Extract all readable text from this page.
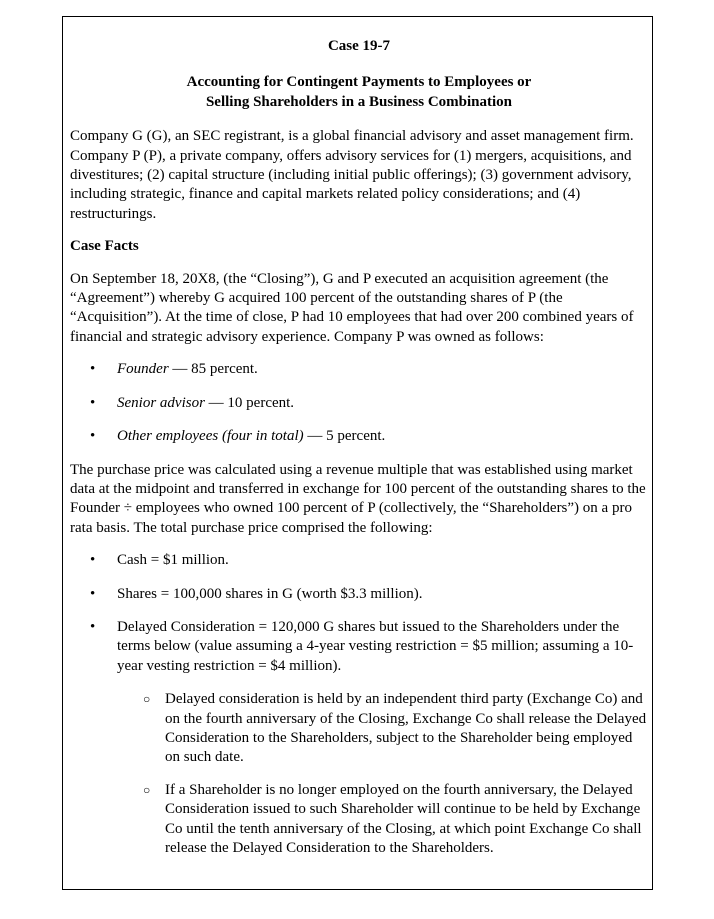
Case 19-7
Accounting for Contingent Payments to Employees or
Selling Shareholders in a Business Combination

Company G (G), an SEC registrant, is a global financial advisory and asset management firm. Company P (P), a private company, offers advisory services for (1) mergers, acquisitions, and divestitures; (2) capital structure (including initial public offerings); (3) government advisory, including strategic, finance and capital markets related policy considerations; and (4) restructurings.

Case Facts

On September 18, 20X8, (the “Closing”), G and P executed an acquisition agreement (the “Agreement”) whereby G acquired 100 percent of the outstanding shares of P (the “Acquisition”). At the time of close, P had 10 employees that had over 200 combined years of financial and strategic advisory experience. Company P was owned as follows:

• Founder — 85 percent.
• Senior advisor — 10 percent.
• Other employees (four in total) — 5 percent.

The purchase price was calculated using a revenue multiple that was established using market data at the midpoint and transferred in exchange for 100 percent of the outstanding shares to the Founder ÷ employees who owned 100 percent of P (collectively, the “Shareholders”) on a pro rata basis. The total purchase price comprised the following:

• Cash = $1 million.
• Shares = 100,000 shares in G (worth $3.3 million).
• Delayed Consideration = 120,000 G shares but issued to the Shareholders under the terms below (value assuming a 4-year vesting restriction = $5 million; assuming a 10-year vesting restriction = $4 million).
○ Delayed consideration is held by an independent third party (Exchange Co) and on the fourth anniversary of the Closing, Exchange Co shall release the Delayed Consideration to the Shareholders, subject to the Shareholder being employed on such date.
○ If a Shareholder is no longer employed on the fourth anniversary, the Delayed Consideration issued to such Shareholder will continue to be held by Exchange Co until the tenth anniversary of the Closing, at which point Exchange Co shall release the Delayed Consideration to the Shareholders.
